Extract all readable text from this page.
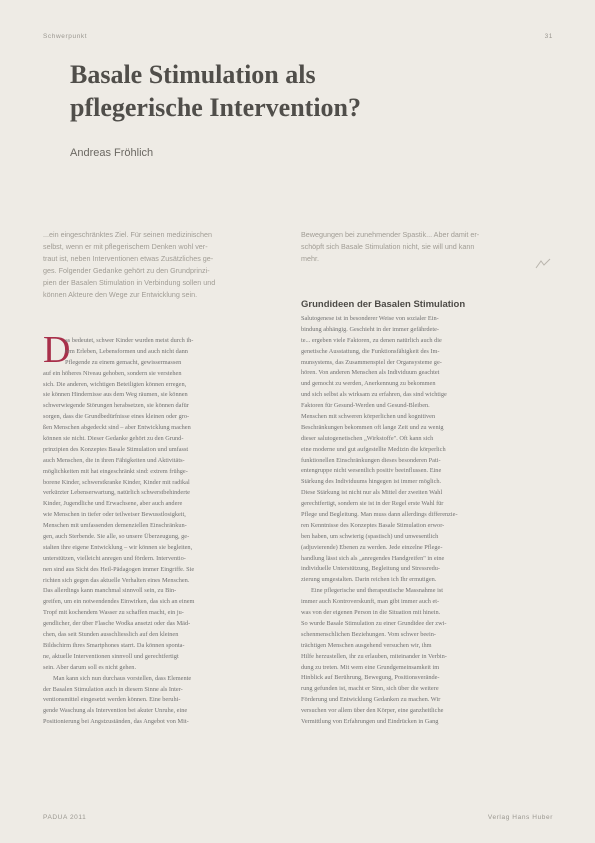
Schwerpunkt	31
Basale Stimulation als
pflegerische Intervention?
Andreas Fröhlich
...ein eingeschränktes Ziel. Für seinen medizinischen
selbst, wenn er mit pflegerischem Denken wohl ver-
traut ist, neben Interventionen etwas Zusätzliches ge-
ges. Folgender Gedanke gehört zu den Grundprinzi-
pien der Basalen Stimulation in Verbindung sollen und
können Akteure den Wege zur Entwicklung sein.
Bewegungen bei zunehmender Spastik... Aber damit er-
schöpft sich Basale Stimulation nicht, sie will und kann
mehr.
Grundideen der Basalen Stimulation
D
as bedeutet, schwer Kinder wurden meist durch ih-
rem Erleben, Lebensformen und auch nicht dann
Pflegende zu einem gemacht, gewissermassen
auf ein höheres Niveau gehoben, sondern sie verstehen
sich. Die anderen, wichtigen Beteiligten können erregen,
sie können Hindernisse aus dem Weg räumen, sie können
schwerwiegende Störungen herabsetzen, sie können dafür
sorgen, dass die Grundbedürfnisse eines kleinen oder gro-
ßen Menschen abgedeckt sind – aber Entwicklung machen
können sie nicht. Dieser Gedanke gehört zu den Grund-
prinzipien des Konzeptes Basale Stimulation und umfasst
auch Menschen, die in ihren Fähigkeiten und Aktivitäts-
möglichkeiten mit hat eingeschränkt sind: extrem frühge-
borene Kinder, schwerstkranke Kinder, Kinder mit radikal
verkürzter Lebenserwartung, natürlich schwerstbehinderte
Kinder, Jugendliche und Erwachsene, aber auch andere
wie Menschen in tiefer oder teilweiser Bewusstlosigkeit,
Menschen mit umfassenden demenziellen Einschränkun-
gen, auch Sterbende. Sie alle, so unsere Überzeugung, ge-
stalten ihre eigene Entwicklung – wir können sie begleiten,
unterstützen, vielleicht anregen und fördern. Interventio-
nen sind aus Sicht des Heil-Pädagogen immer Eingriffe. Sie
richten sich gegen das aktuelle Verhalten eines Menschen.
Das allerdings kann manchmal sinnvoll sein, zu Bin-
greifen, um ein notwendendes Einwirken, das sich an einem
Tropf mit kochendem Wasser zu schaffen macht, ein ju-
gendlicher, der über Flasche Wodka ansetzt oder das Mäd-
chen, das seit Stunden ausschliesslich auf den kleinen
Bildschirm ihres Smartphones starrt. Da können sponta-
ne, aktuelle Interventionen sinnvoll und gerechtfertigt
sein. Aber darum soll es nicht gehen.
Man kann sich nun durchaus vorstellen, dass Elemente
der Basalen Stimulation auch in diesem Sinne als Inter-
ventionsmittel eingesetzt werden können. Eine beruhi-
gende Waschung als Intervention bei akuter Unruhe, eine
Positionierung bei Angstzuständen, das Angebot von Mit-
Salutogenese ist in besonderer Weise von sozialer Ein-
bindung abhängig. Geschieht in der immer gefährdete-
te... ergeben viele Faktoren, zu denen natürlich auch die
genetische Ausstattung, die Funktionsfähigkeit des Im-
munsystems, das Zusammenspiel der Organsysteme ge-
hören. Von anderen Menschen als Individuum geachtet
und gemocht zu werden, Anerkennung zu bekommen
und sich selbst als wirksam zu erfahren, das sind wichtige
Faktoren für Gesund-Werden und Gesund-Bleiben.
Menschen mit schweren körperlichen und kognitiven
Beschränkungen bekommen oft lange Zeit und zu wenig
dieser salutogenetischen „Wirkstoffe". Oft kann sich
eine moderne und gut aufgestellte Medizin die körperlich
funktionellen Einschränkungen dieses besonderen Pati-
entengruppe nicht wesentlich positiv beeinflussen. Eine
Stärkung des Individuums hingegen ist immer möglich.
Diese Stärkung ist nicht nur als Mittel der zweiten Wahl
gerechtfertigt, sondern sie ist in der Regel erste Wahl für
Pflege und Begleitung. Man muss dann allerdings differenzie-
ren Kenntnisse des Konzeptes Basale Stimulation erwor-
ben haben, um schwierig (spastisch) und unwesentlich
(adjuvierende) Ebenen zu werden. Jede einzelne Pflege-
handlung lässt sich als „anregendes Handgreifen" in eine
individuelle Unterstützung, Begleitung und Stressredu-
zierung umgestalten. Darin reichen ich Ihr ermutigen.
Eine pflegerische und therapeutische Massnahme ist
immer auch Kontroverskunft, man gibt immer auch et-
was von der eigenen Person in die Situation mit hinein.
So wurde Basale Stimulation zu einer Grundidee der zwi-
schenmenschlichen Beziehungen. Vom schwer beein-
trächtigen Menschen ausgehend versuchen wir, ihm
Hilfe herzustellen, ihr zu erlauben, miteinander in Verbin-
dung zu treten. Mit wem eine Grundgemeinsamkeit im
Hinblick auf Berührung, Bewegung, Positionsverände-
rung gefunden ist, macht er Sinn, sich über die weitere
Förderung und Entwicklung Gedanken zu machen. Wir
versuchen vor allem über den Körper, eine ganzheitliche
Vermittlung von Erfahrungen und Eindrücken in Gang
PADUA 2011	Verlag Hans Huber
